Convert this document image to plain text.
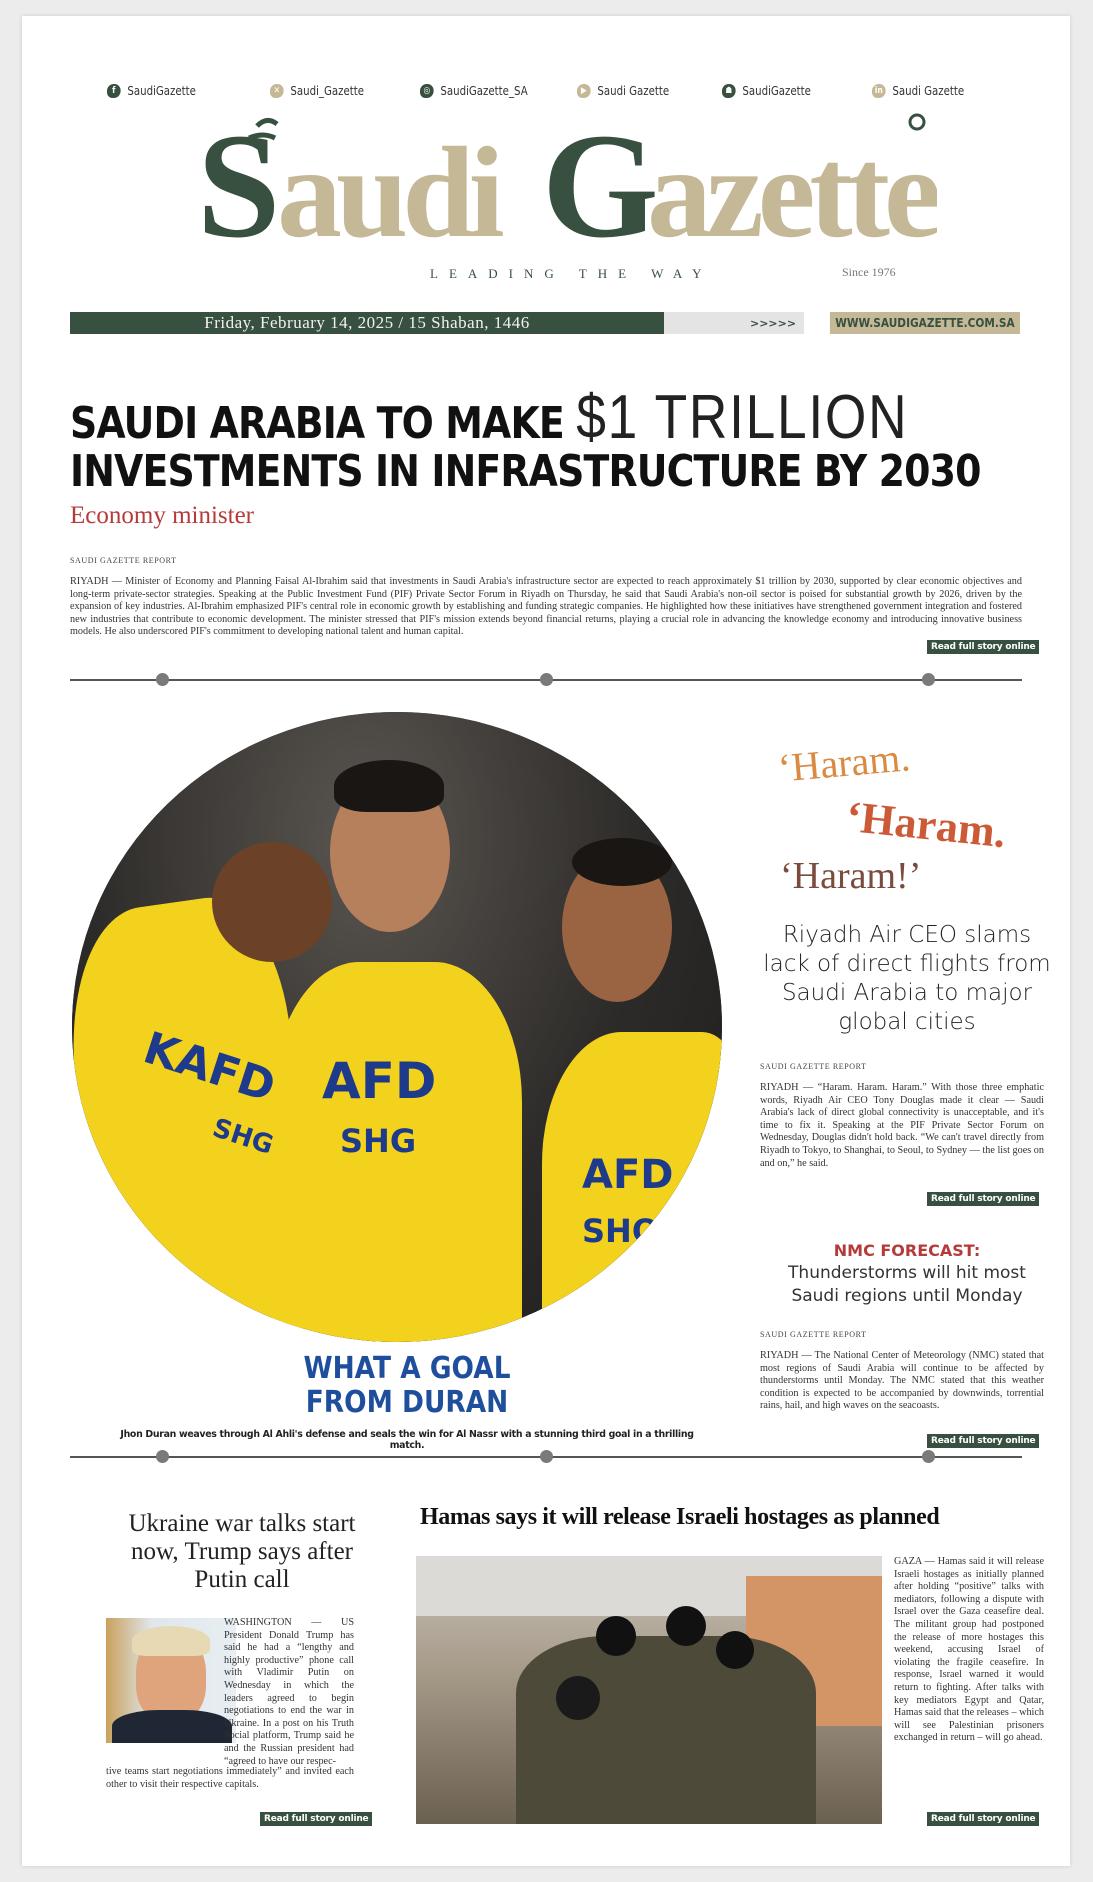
f SaudiGazette	✕ Saudi_Gazette	◎ SaudiGazette_SA	▶ Saudi Gazette	☗ SaudiGazette	in Saudi Gazette
S
audi G
azette
LEADING THE WAY	Since 1976
Friday, February 14, 2025 / 15 Shaban, 1446	>>>>>	WWW.SAUDIGAZETTE.COM.SA
SAUDI ARABIA TO MAKE $1 TRILLION
INVESTMENTS IN INFRASTRUCTURE BY 2030
Economy minister
SAUDI GAZETTE REPORT
RIYADH — Minister of Economy and Planning Faisal Al-Ibrahim said that investments in Saudi Arabia's infrastructure sector are expected to reach approximately $1 trillion by 2030, supported by clear economic objectives and long-term private-sector strategies. Speaking at the Public Investment Fund (PIF) Private Sector Forum in Riyadh on Thursday, he said that Saudi Arabia's non-oil sector is poised for substantial growth by 2026, driven by the expansion of key industries. Al-Ibrahim emphasized PIF's central role in economic growth by establishing and funding strategic companies. He highlighted how these initiatives have strengthened government integration and fostered new industries that contribute to economic development. The minister stressed that PIF's mission extends beyond financial returns, playing a crucial role in advancing the knowledge economy and introducing innovative business models. He also underscored PIF's commitment to developing national talent and human capital.
Read full story online
KAFD
SHG
AFD
SHG
AFD
SHO
WHAT A GOAL
FROM DURAN
Jhon Duran weaves through Al Ahli's defense and seals the win for Al Nassr with a stunning third goal in a thrilling match.
‘Haram.
‘Haram.
‘Haram!’
Riyadh Air CEO slams lack of direct flights from Saudi Arabia to major global cities
SAUDI GAZETTE REPORT
RIYADH — “Haram. Haram. Haram.” With those three emphatic words, Riyadh Air CEO Tony Douglas made it clear — Saudi Arabia's lack of direct global connectivity is unacceptable, and it's time to fix it. Speaking at the PIF Private Sector Forum on Wednesday, Douglas didn't hold back. “We can't travel directly from Riyadh to Tokyo, to Shanghai, to Seoul, to Sydney — the list goes on and on,” he said.
Read full story online
NMC FORECAST:
Thunderstorms will hit most Saudi regions until Monday
SAUDI GAZETTE REPORT
RIYADH — The National Center of Meteorology (NMC) stated that most regions of Saudi Arabia will continue to be affected by thunderstorms until Monday. The NMC stated that this weather condition is expected to be accompanied by downwinds, torrential rains, hail, and high waves on the seacoasts.
Read full story online
Ukraine war talks start now, Trump says after Putin call
WASHINGTON — US President Donald Trump has said he had a “lengthy and highly productive” phone call with Vladimir Putin on Wednesday in which the leaders agreed to begin negotiations to end the war in Ukraine. In a post on his Truth Social platform, Trump said he and the Russian president had “agreed to have our respec-
tive teams start negotiations immediately” and invited each other to visit their respective capitals.
Read full story online
Hamas says it will release Israeli hostages as planned
GAZA — Hamas said it will release Israeli hostages as initially planned after holding “positive” talks with mediators, following a dispute with Israel over the Gaza ceasefire deal. The militant group had postponed the release of more hostages this weekend, accusing Israel of violating the fragile ceasefire. In response, Israel warned it would return to fighting. After talks with key mediators Egypt and Qatar, Hamas said that the releases – which will see Palestinian prisoners exchanged in return – will go ahead.
Read full story online
